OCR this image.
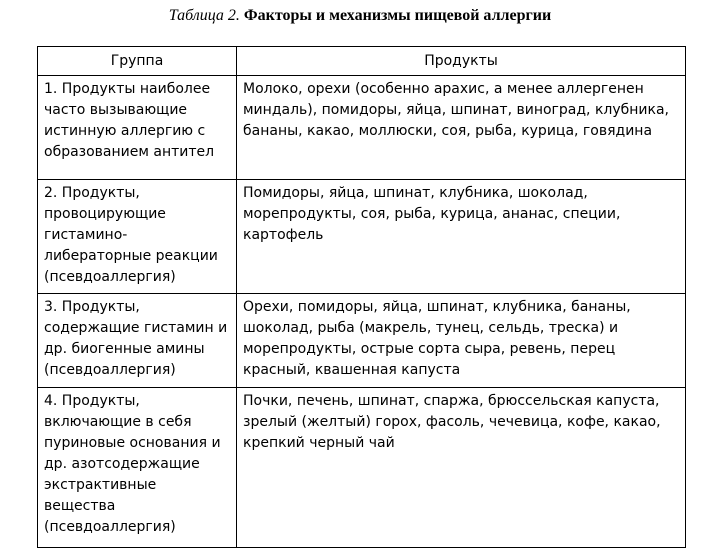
Таблица 2. Факторы и механизмы пищевой аллергии
Группа	Продукты
1. Продукты наиболее часто вызывающие истинную аллергию с образованием антител	Молоко, орехи (особенно арахис, а менее аллергенен миндаль), помидоры, яйца, шпинат, виноград, клубника, бананы, какао, моллюски, соя, рыба, курица, говядина
2. Продукты, провоцирующие гистамино-либераторные реакции (псевдоаллергия)	Помидоры, яйца, шпинат, клубника, шоколад, морепродукты, соя, рыба, курица, ананас, специи, картофель
3. Продукты, содержащие гистамин и др. биогенные амины (псевдоаллергия)	Орехи, помидоры, яйца, шпинат, клубника, бананы, шоколад, рыба (макрель, тунец, сельдь, треска) и морепродукты, острые сорта сыра, ревень, перец красный, квашенная капуста
4. Продукты, включающие в себя пуриновые основания и др. азотсодержащие экстрактивные вещества (псевдоаллергия)	Почки, печень, шпинат, спаржа, брюссельская капуста, зрелый (желтый) горох, фасоль, чечевица, кофе, какао, крепкий черный чай
